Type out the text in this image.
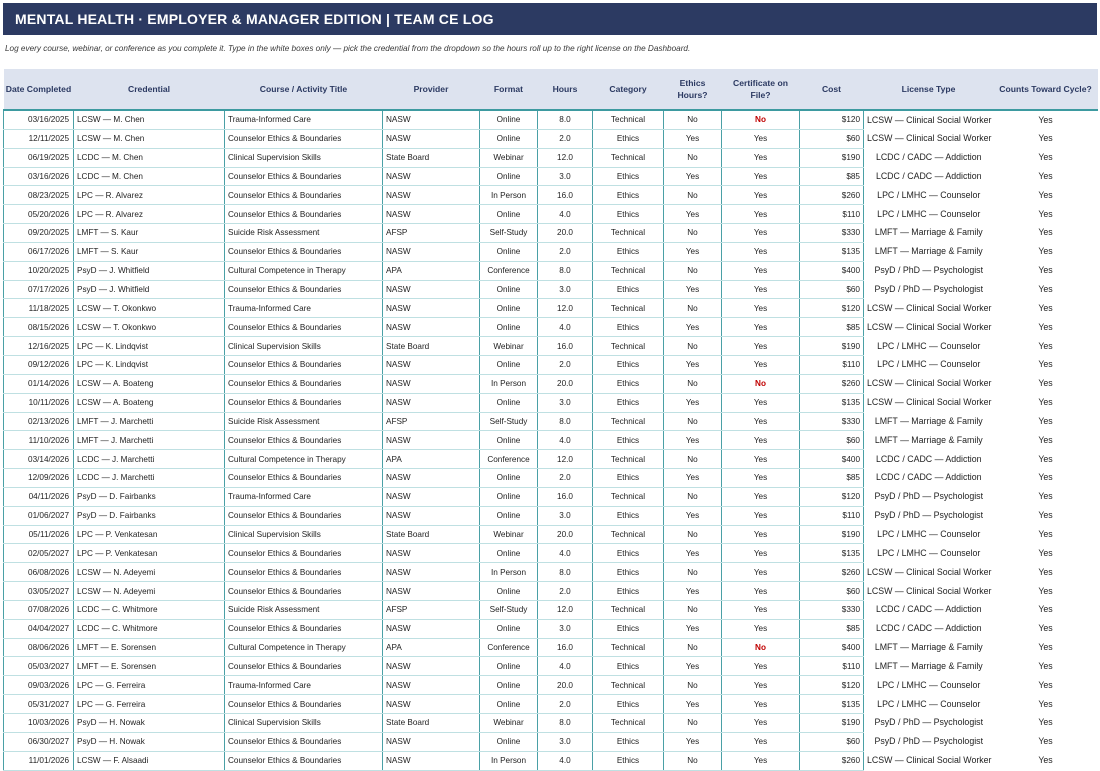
MENTAL HEALTH · EMPLOYER & MANAGER EDITION | TEAM CE LOG
Log every course, webinar, or conference as you complete it. Type in the white boxes only — pick the credential from the dropdown so the hours roll up to the right license on the Dashboard.
Date Completed	Credential	Course / Activity Title	Provider	Format	Hours	Category	Ethics Hours?	Certificate on File?	Cost	License Type	Counts Toward Cycle?
03/16/2025	LCSW — M. Chen	Trauma-Informed Care	NASW	Online	8.0	Technical	No	No	$120	LCSW — Clinical Social Worker	Yes
12/11/2025	LCSW — M. Chen	Counselor Ethics & Boundaries	NASW	Online	2.0	Ethics	Yes	Yes	$60	LCSW — Clinical Social Worker	Yes
06/19/2025	LCDC — M. Chen	Clinical Supervision Skills	State Board	Webinar	12.0	Technical	No	Yes	$190	LCDC / CADC — Addiction	Yes
03/16/2026	LCDC — M. Chen	Counselor Ethics & Boundaries	NASW	Online	3.0	Ethics	Yes	Yes	$85	LCDC / CADC — Addiction	Yes
08/23/2025	LPC — R. Alvarez	Counselor Ethics & Boundaries	NASW	In Person	16.0	Ethics	No	Yes	$260	LPC / LMHC — Counselor	Yes
05/20/2026	LPC — R. Alvarez	Counselor Ethics & Boundaries	NASW	Online	4.0	Ethics	Yes	Yes	$110	LPC / LMHC — Counselor	Yes
09/20/2025	LMFT — S. Kaur	Suicide Risk Assessment	AFSP	Self-Study	20.0	Technical	No	Yes	$330	LMFT — Marriage & Family	Yes
06/17/2026	LMFT — S. Kaur	Counselor Ethics & Boundaries	NASW	Online	2.0	Ethics	Yes	Yes	$135	LMFT — Marriage & Family	Yes
10/20/2025	PsyD — J. Whitfield	Cultural Competence in Therapy	APA	Conference	8.0	Technical	No	Yes	$400	PsyD / PhD — Psychologist	Yes
07/17/2026	PsyD — J. Whitfield	Counselor Ethics & Boundaries	NASW	Online	3.0	Ethics	Yes	Yes	$60	PsyD / PhD — Psychologist	Yes
11/18/2025	LCSW — T. Okonkwo	Trauma-Informed Care	NASW	Online	12.0	Technical	No	Yes	$120	LCSW — Clinical Social Worker	Yes
08/15/2026	LCSW — T. Okonkwo	Counselor Ethics & Boundaries	NASW	Online	4.0	Ethics	Yes	Yes	$85	LCSW — Clinical Social Worker	Yes
12/16/2025	LPC — K. Lindqvist	Clinical Supervision Skills	State Board	Webinar	16.0	Technical	No	Yes	$190	LPC / LMHC — Counselor	Yes
09/12/2026	LPC — K. Lindqvist	Counselor Ethics & Boundaries	NASW	Online	2.0	Ethics	Yes	Yes	$110	LPC / LMHC — Counselor	Yes
01/14/2026	LCSW — A. Boateng	Counselor Ethics & Boundaries	NASW	In Person	20.0	Ethics	No	No	$260	LCSW — Clinical Social Worker	Yes
10/11/2026	LCSW — A. Boateng	Counselor Ethics & Boundaries	NASW	Online	3.0	Ethics	Yes	Yes	$135	LCSW — Clinical Social Worker	Yes
02/13/2026	LMFT — J. Marchetti	Suicide Risk Assessment	AFSP	Self-Study	8.0	Technical	No	Yes	$330	LMFT — Marriage & Family	Yes
11/10/2026	LMFT — J. Marchetti	Counselor Ethics & Boundaries	NASW	Online	4.0	Ethics	Yes	Yes	$60	LMFT — Marriage & Family	Yes
03/14/2026	LCDC — J. Marchetti	Cultural Competence in Therapy	APA	Conference	12.0	Technical	No	Yes	$400	LCDC / CADC — Addiction	Yes
12/09/2026	LCDC — J. Marchetti	Counselor Ethics & Boundaries	NASW	Online	2.0	Ethics	Yes	Yes	$85	LCDC / CADC — Addiction	Yes
04/11/2026	PsyD — D. Fairbanks	Trauma-Informed Care	NASW	Online	16.0	Technical	No	Yes	$120	PsyD / PhD — Psychologist	Yes
01/06/2027	PsyD — D. Fairbanks	Counselor Ethics & Boundaries	NASW	Online	3.0	Ethics	Yes	Yes	$110	PsyD / PhD — Psychologist	Yes
05/11/2026	LPC — P. Venkatesan	Clinical Supervision Skills	State Board	Webinar	20.0	Technical	No	Yes	$190	LPC / LMHC — Counselor	Yes
02/05/2027	LPC — P. Venkatesan	Counselor Ethics & Boundaries	NASW	Online	4.0	Ethics	Yes	Yes	$135	LPC / LMHC — Counselor	Yes
06/08/2026	LCSW — N. Adeyemi	Counselor Ethics & Boundaries	NASW	In Person	8.0	Ethics	No	Yes	$260	LCSW — Clinical Social Worker	Yes
03/05/2027	LCSW — N. Adeyemi	Counselor Ethics & Boundaries	NASW	Online	2.0	Ethics	Yes	Yes	$60	LCSW — Clinical Social Worker	Yes
07/08/2026	LCDC — C. Whitmore	Suicide Risk Assessment	AFSP	Self-Study	12.0	Technical	No	Yes	$330	LCDC / CADC — Addiction	Yes
04/04/2027	LCDC — C. Whitmore	Counselor Ethics & Boundaries	NASW	Online	3.0	Ethics	Yes	Yes	$85	LCDC / CADC — Addiction	Yes
08/06/2026	LMFT — E. Sorensen	Cultural Competence in Therapy	APA	Conference	16.0	Technical	No	No	$400	LMFT — Marriage & Family	Yes
05/03/2027	LMFT — E. Sorensen	Counselor Ethics & Boundaries	NASW	Online	4.0	Ethics	Yes	Yes	$110	LMFT — Marriage & Family	Yes
09/03/2026	LPC — G. Ferreira	Trauma-Informed Care	NASW	Online	20.0	Technical	No	Yes	$120	LPC / LMHC — Counselor	Yes
05/31/2027	LPC — G. Ferreira	Counselor Ethics & Boundaries	NASW	Online	2.0	Ethics	Yes	Yes	$135	LPC / LMHC — Counselor	Yes
10/03/2026	PsyD — H. Nowak	Clinical Supervision Skills	State Board	Webinar	8.0	Technical	No	Yes	$190	PsyD / PhD — Psychologist	Yes
06/30/2027	PsyD — H. Nowak	Counselor Ethics & Boundaries	NASW	Online	3.0	Ethics	Yes	Yes	$60	PsyD / PhD — Psychologist	Yes
11/01/2026	LCSW — F. Alsaadi	Counselor Ethics & Boundaries	NASW	In Person	4.0	Ethics	No	Yes	$260	LCSW — Clinical Social Worker	Yes
